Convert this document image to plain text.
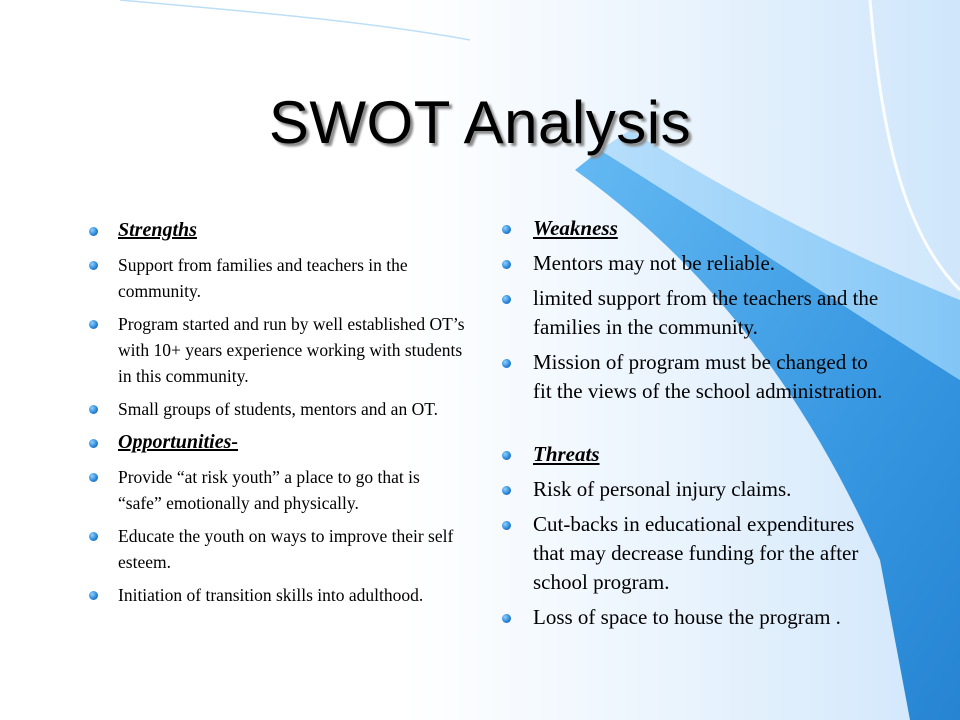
SWOT Analysis
Strengths
Support from families and teachers in the community.
Program started and run by well established OT’s with 10+ years experience working with students in this community.
Small groups of students, mentors and an OT.
Opportunities-
Provide “at risk youth” a place to go that is “safe” emotionally and physically.
Educate the youth on ways to improve their self esteem.
Initiation of transition skills into adulthood.
Weakness
Mentors may not be reliable.
limited support from the teachers and the families in the community.
Mission of program must be changed to fit the views of the school administration.
Threats
Risk of personal injury claims.
Cut-backs in educational expenditures that may decrease funding for the after school program.
Loss of space to house the program .
